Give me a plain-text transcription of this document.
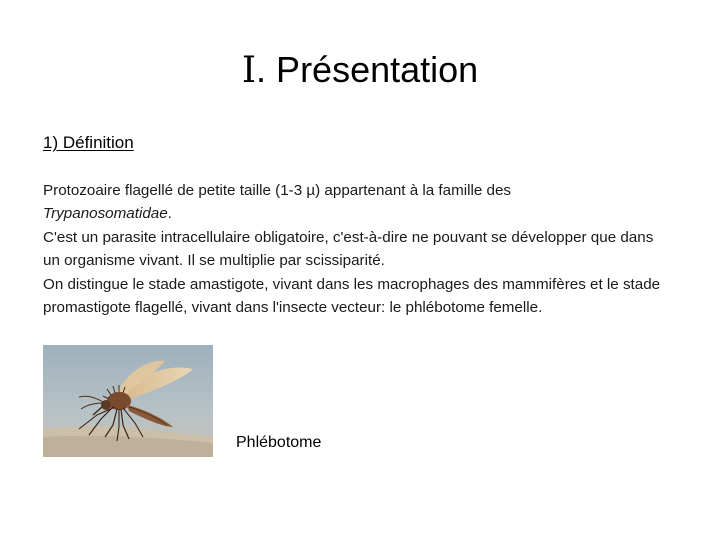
Ⅰ. Présentation
1) Définition

Protozoaire flagellé de petite taille (1-3 µ) appartenant à la famille des
Trypanosomatidae.

C'est un parasite intracellulaire obligatoire, c'est-à-dire ne pouvant se développer que dans un organisme vivant. Il se multiplie par scissiparité.

On distingue le stade amastigote, vivant dans les macrophages des mammifères et le stade promastigote flagellé, vivant dans l'insecte vecteur: le phlébotome femelle.

Phlébotome
